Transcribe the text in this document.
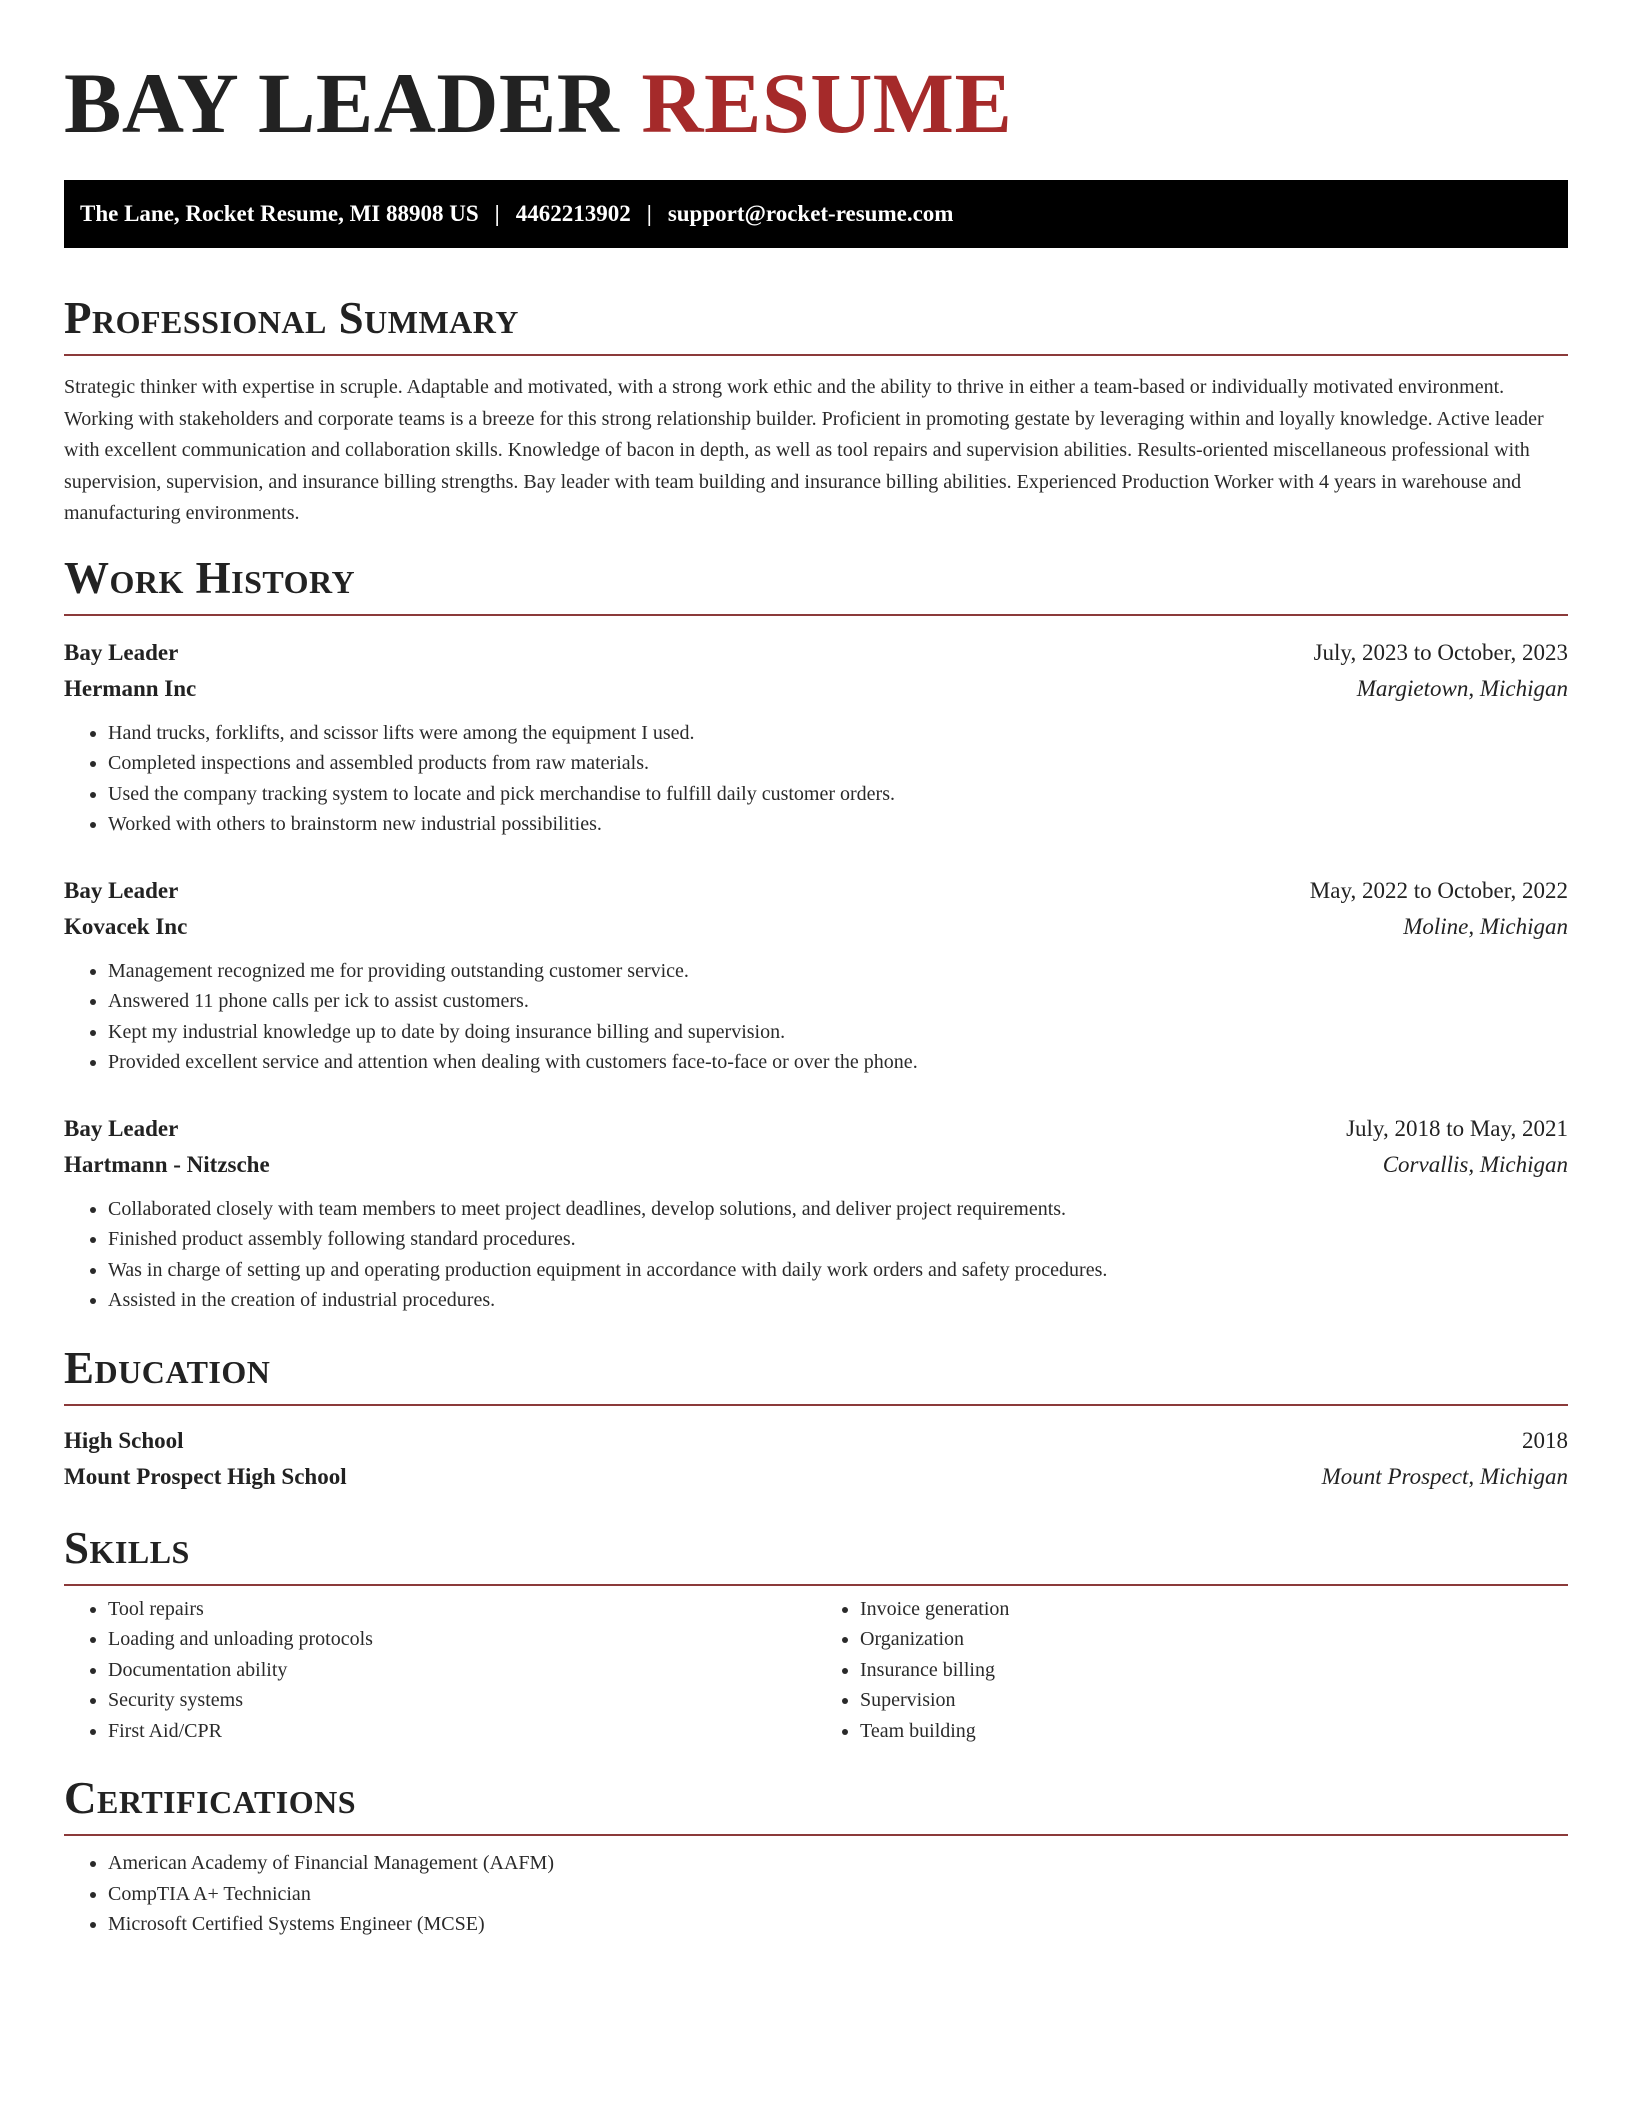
BAY LEADER RESUME
The Lane, Rocket Resume, MI 88908 US | 4462213902 | support@rocket-resume.com
Professional Summary

Strategic thinker with expertise in scruple. Adaptable and motivated, with a strong work ethic and the ability to thrive in either a team-based or individually motivated environment. Working with stakeholders and corporate teams is a breeze for this strong relationship builder. Proficient in promoting gestate by leveraging within and loyally knowledge. Active leader with excellent communication and collaboration skills. Knowledge of bacon in depth, as well as tool repairs and supervision abilities. Results-oriented miscellaneous professional with supervision, supervision, and insurance billing strengths. Bay leader with team building and insurance billing abilities. Experienced Production Worker with 4 years in warehouse and manufacturing environments.

Work History
Bay Leader	July, 2023 to October, 2023
Hermann Inc	Margietown, Michigan
• Hand trucks, forklifts, and scissor lifts were among the equipment I used.
• Completed inspections and assembled products from raw materials.
• Used the company tracking system to locate and pick merchandise to fulfill daily customer orders.
• Worked with others to brainstorm new industrial possibilities.
Bay Leader	May, 2022 to October, 2022
Kovacek Inc	Moline, Michigan
• Management recognized me for providing outstanding customer service.
• Answered 11 phone calls per ick to assist customers.
• Kept my industrial knowledge up to date by doing insurance billing and supervision.
• Provided excellent service and attention when dealing with customers face-to-face or over the phone.
Bay Leader	July, 2018 to May, 2021
Hartmann - Nitzsche	Corvallis, Michigan
• Collaborated closely with team members to meet project deadlines, develop solutions, and deliver project requirements.
• Finished product assembly following standard procedures.
• Was in charge of setting up and operating production equipment in accordance with daily work orders and safety procedures.
• Assisted in the creation of industrial procedures.
Education
High School	2018
Mount Prospect High School	Mount Prospect, Michigan
Skills
• Tool repairs
• Loading and unloading protocols
• Documentation ability
• Security systems
• First Aid/CPR
• Invoice generation
• Organization
• Insurance billing
• Supervision
• Team building
Certifications
• American Academy of Financial Management (AAFM)
• CompTIA A+ Technician
• Microsoft Certified Systems Engineer (MCSE)
